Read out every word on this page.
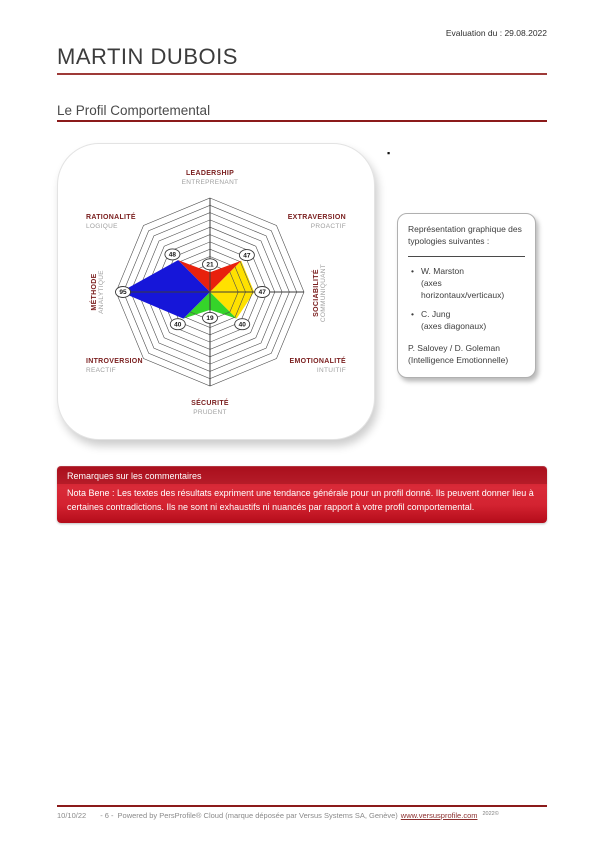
Evaluation du : 29.08.2022
MARTIN DUBOIS
Le Profil Comportemental
21
47
47
40
19
40
95
48
LEADERSHIP
ENTREPRENANT
EXTRAVERSION
PROACTIF
SOCIABILITÉ COMMUNIQUANT
EMOTIONALITÉ
INTUITIF
SÉCURITÉ
PRUDENT
INTROVERSION
REACTIF
MÉTHODE ANALYTIQUE
RATIONALITÉ
LOGIQUE
▪
Représentation graphique des typologies suivantes :
• W. Marston
(axes horizontaux/verticaux)
• C. Jung
(axes diagonaux)
P. Salovey / D. Goleman
(Intelligence Emotionnelle)
Remarques sur les commentaires
Nota Bene : Les textes des résultats expriment une tendance générale pour un profil donné. Ils peuvent donner lieu à certaines contradictions. Ils ne sont ni exhaustifs ni nuancés par rapport à votre profil comportemental.
10/10/22 - 6 - Powered by PersProfile® Cloud (marque déposée par Versus Systems SA, Genève) www.versusprofile.com 2022©
